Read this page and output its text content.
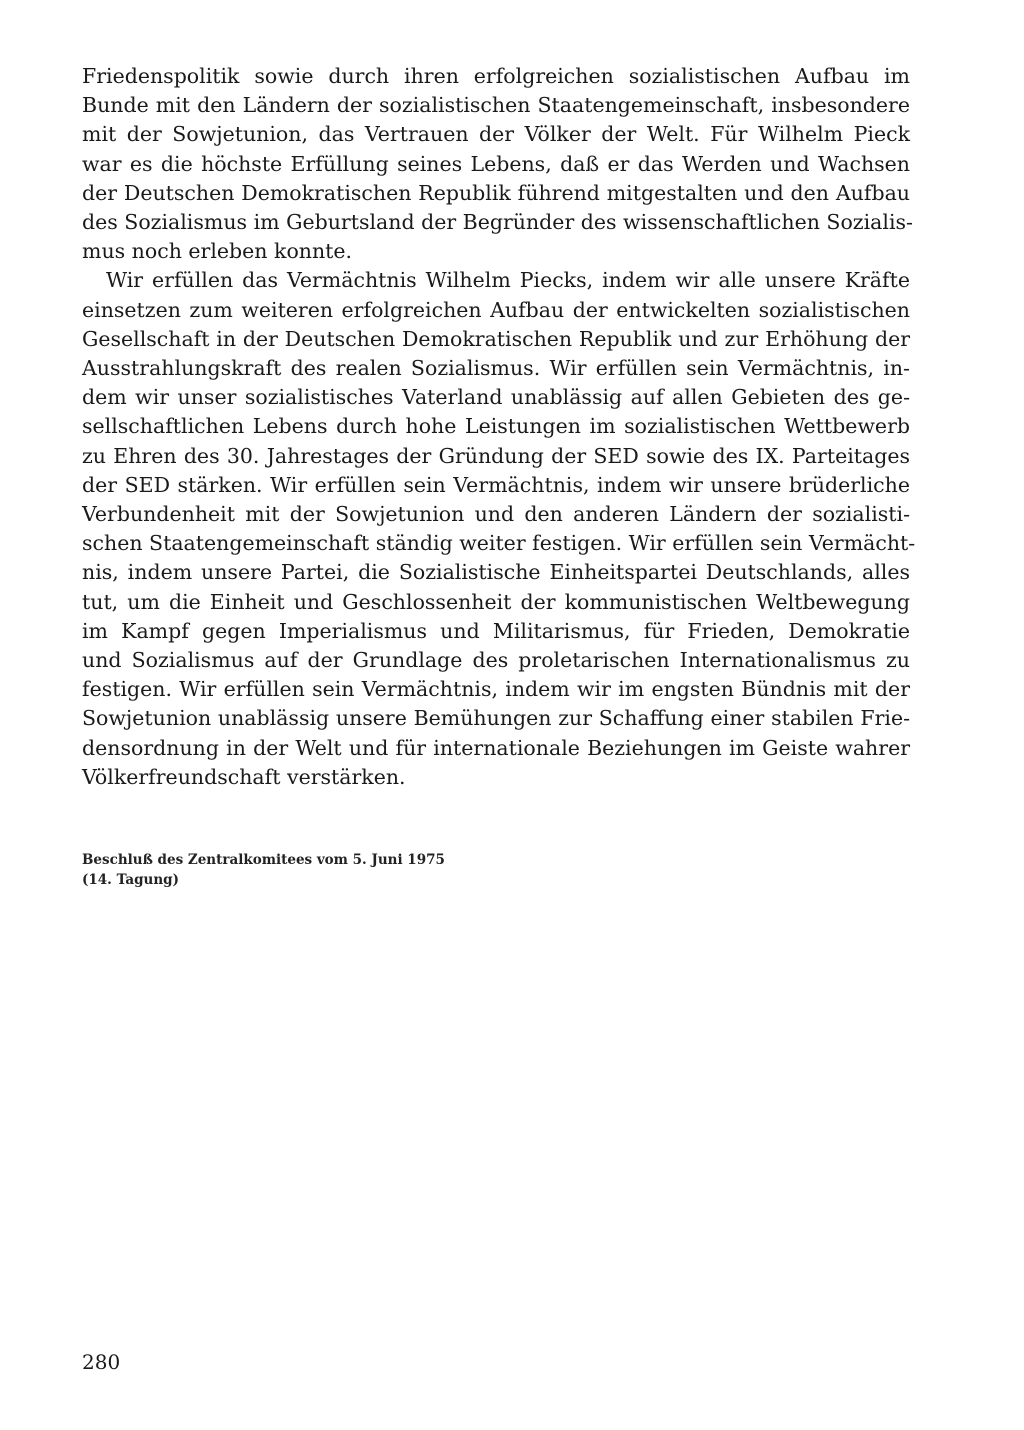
Friedenspolitik sowie durch ihren erfolgreichen sozialistischen Aufbau im
Bunde mit den Ländern der sozialistischen Staatengemeinschaft, insbesondere
mit der Sowjetunion, das Vertrauen der Völker der Welt. Für Wilhelm Pieck
war es die höchste Erfüllung seines Lebens, daß er das Werden und Wachsen
der Deutschen Demokratischen Republik führend mitgestalten und den Aufbau
des Sozialismus im Geburtsland der Begründer des wissenschaftlichen Sozialis-
mus noch erleben konnte.
Wir erfüllen das Vermächtnis Wilhelm Piecks, indem wir alle unsere Kräfte
einsetzen zum weiteren erfolgreichen Aufbau der entwickelten sozialistischen
Gesellschaft in der Deutschen Demokratischen Republik und zur Erhöhung der
Ausstrahlungskraft des realen Sozialismus. Wir erfüllen sein Vermächtnis, in-
dem wir unser sozialistisches Vaterland unablässig auf allen Gebieten des ge-
sellschaftlichen Lebens durch hohe Leistungen im sozialistischen Wettbewerb
zu Ehren des 30. Jahrestages der Gründung der SED sowie des IX. Parteitages
der SED stärken. Wir erfüllen sein Vermächtnis, indem wir unsere brüderliche
Verbundenheit mit der Sowjetunion und den anderen Ländern der sozialisti-
schen Staatengemeinschaft ständig weiter festigen. Wir erfüllen sein Vermächt-
nis, indem unsere Partei, die Sozialistische Einheitspartei Deutschlands, alles
tut, um die Einheit und Geschlossenheit der kommunistischen Weltbewegung
im Kampf gegen Imperialismus und Militarismus, für Frieden, Demokratie
und Sozialismus auf der Grundlage des proletarischen Internationalismus zu
festigen. Wir erfüllen sein Vermächtnis, indem wir im engsten Bündnis mit der
Sowjetunion unablässig unsere Bemühungen zur Schaffung einer stabilen Frie-
densordnung in der Welt und für internationale Beziehungen im Geiste wahrer
Völkerfreundschaft verstärken.
Beschluß des Zentralkomitees vom 5. Juni 1975
(14. Tagung)
280
